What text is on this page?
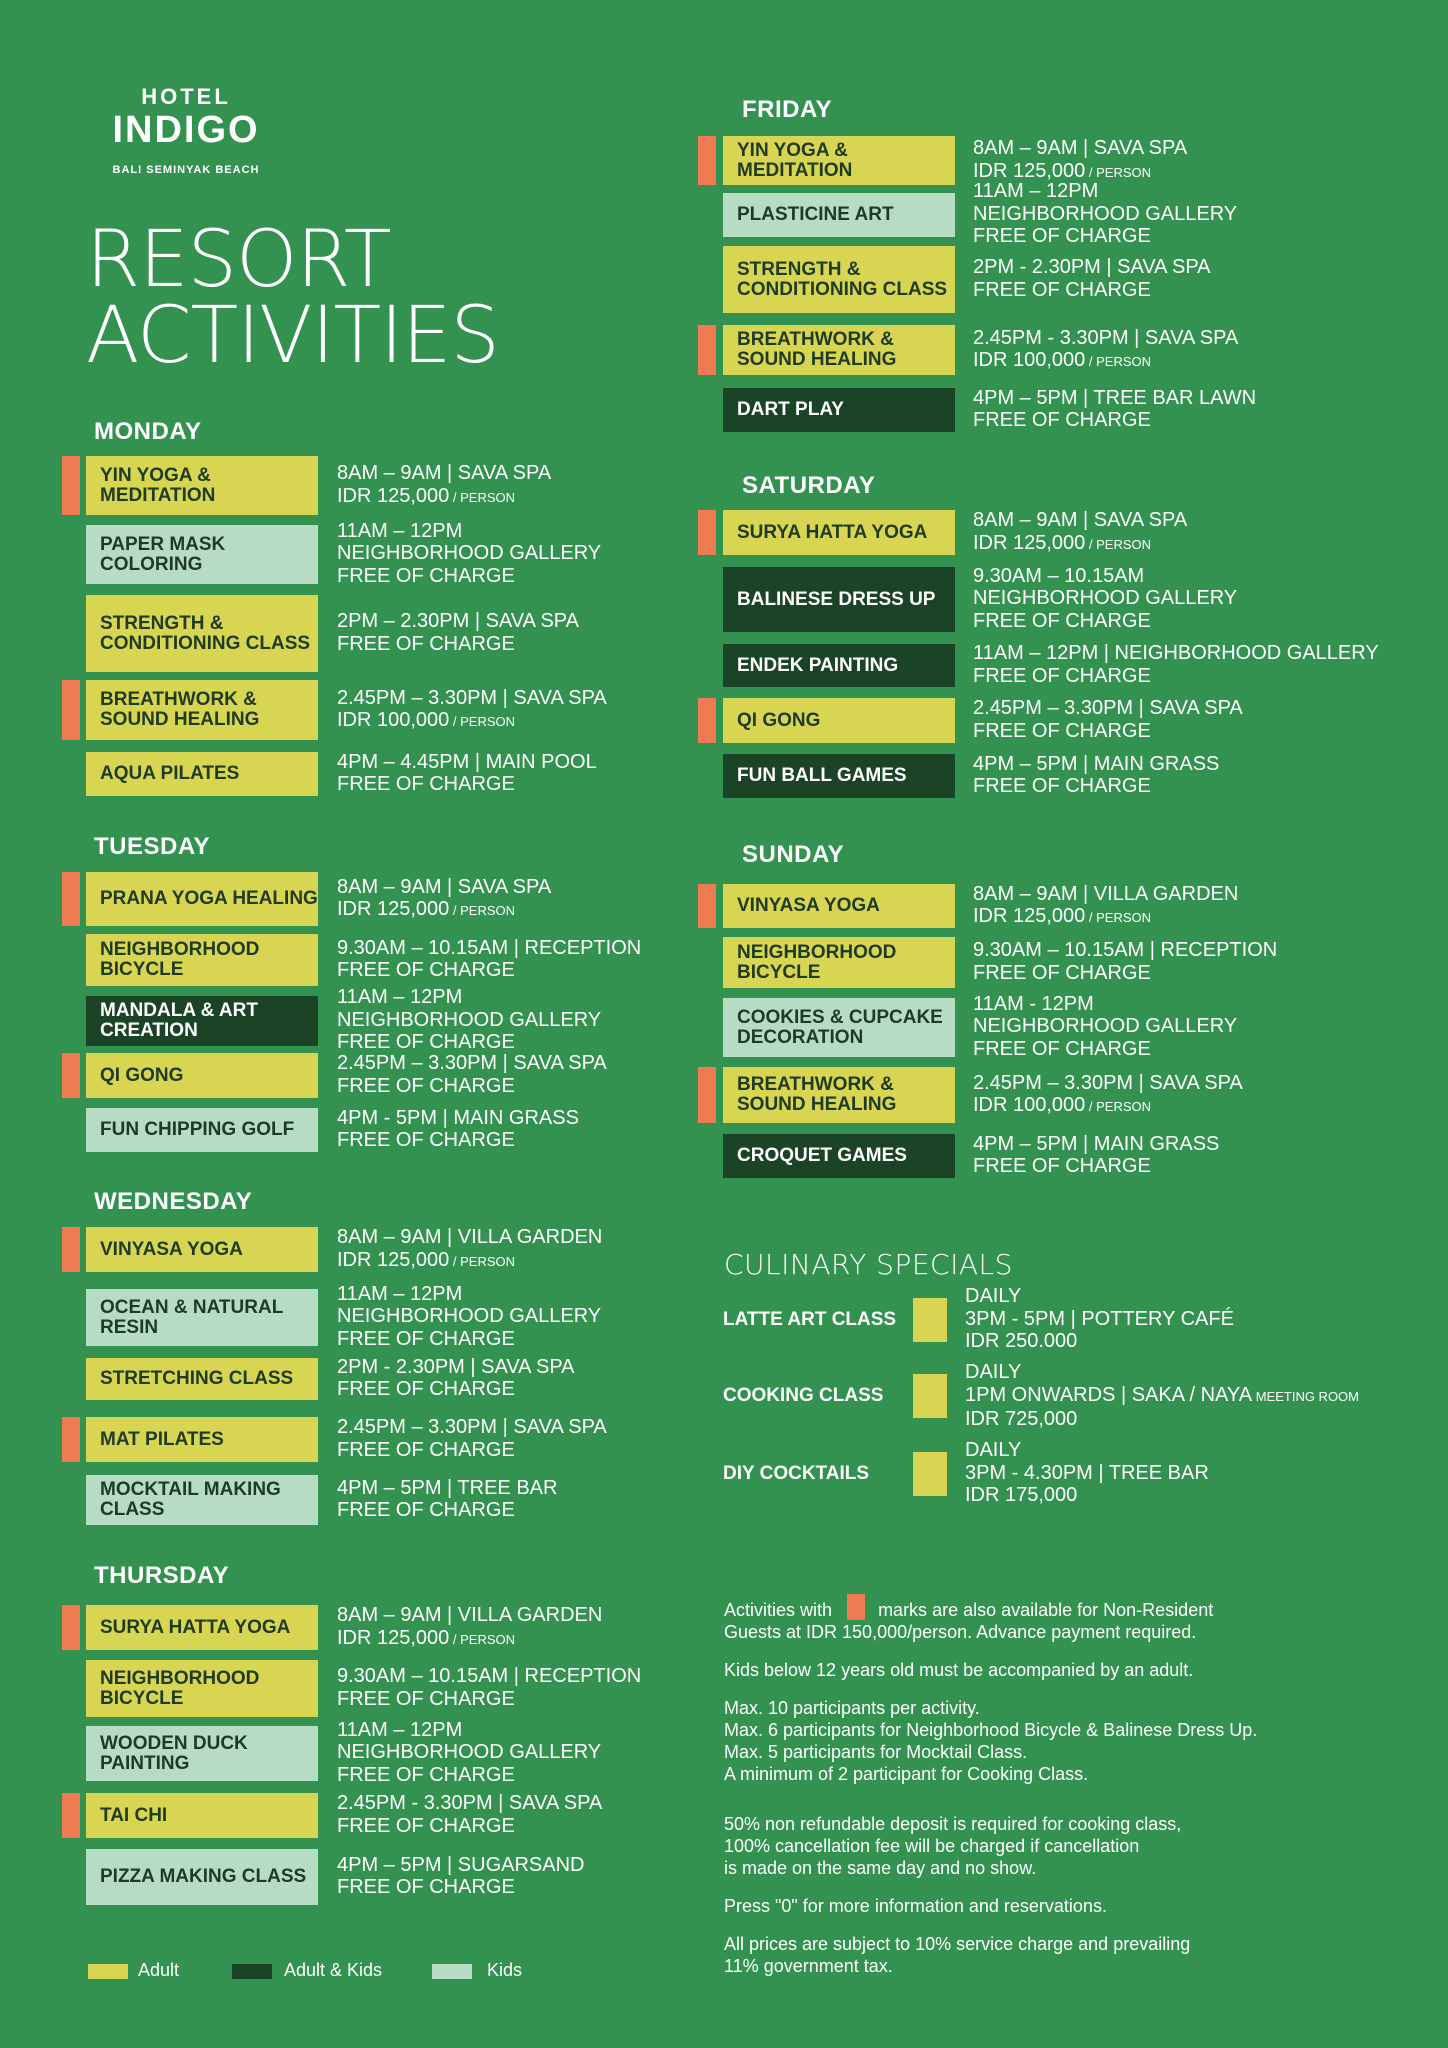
HOTEL
INDIGO
BALI SEMINYAK BEACH
RESORT
ACTIVITIES
MONDAY
YIN YOGA & MEDITATION
8AM – 9AM | SAVA SPA
IDR 125,000 / PERSON
PAPER MASK COLORING
11AM – 12PM
NEIGHBORHOOD GALLERY
FREE OF CHARGE
STRENGTH & CONDITIONING CLASS
2PM – 2.30PM | SAVA SPA
FREE OF CHARGE
BREATHWORK & SOUND HEALING
2.45PM – 3.30PM | SAVA SPA
IDR 100,000 / PERSON
AQUA PILATES
4PM – 4.45PM | MAIN POOL
FREE OF CHARGE
TUESDAY
PRANA YOGA HEALING
8AM – 9AM | SAVA SPA
IDR 125,000 / PERSON
NEIGHBORHOOD BICYCLE
9.30AM – 10.15AM | RECEPTION
FREE OF CHARGE
MANDALA & ART CREATION
11AM – 12PM
NEIGHBORHOOD GALLERY
FREE OF CHARGE
QI GONG
2.45PM – 3.30PM | SAVA SPA
FREE OF CHARGE
FUN CHIPPING GOLF
4PM - 5PM | MAIN GRASS
FREE OF CHARGE
WEDNESDAY
VINYASA YOGA
8AM – 9AM | VILLA GARDEN
IDR 125,000 / PERSON
OCEAN & NATURAL RESIN
11AM – 12PM
NEIGHBORHOOD GALLERY
FREE OF CHARGE
STRETCHING CLASS
2PM - 2.30PM | SAVA SPA
FREE OF CHARGE
MAT PILATES
2.45PM – 3.30PM | SAVA SPA
FREE OF CHARGE
MOCKTAIL MAKING CLASS
4PM – 5PM | TREE BAR
FREE OF CHARGE
THURSDAY
SURYA HATTA YOGA
8AM – 9AM | VILLA GARDEN
IDR 125,000 / PERSON
NEIGHBORHOOD BICYCLE
9.30AM – 10.15AM | RECEPTION
FREE OF CHARGE
WOODEN DUCK PAINTING
11AM – 12PM
NEIGHBORHOOD GALLERY
FREE OF CHARGE
TAI CHI
2.45PM - 3.30PM | SAVA SPA
FREE OF CHARGE
PIZZA MAKING CLASS
4PM – 5PM | SUGARSAND
FREE OF CHARGE
FRIDAY
YIN YOGA & MEDITATION
8AM – 9AM | SAVA SPA
IDR 125,000 / PERSON
PLASTICINE ART
11AM – 12PM
NEIGHBORHOOD GALLERY
FREE OF CHARGE
STRENGTH & CONDITIONING CLASS
2PM - 2.30PM | SAVA SPA
FREE OF CHARGE
BREATHWORK & SOUND HEALING
2.45PM - 3.30PM | SAVA SPA
IDR 100,000 / PERSON
DART PLAY
4PM – 5PM | TREE BAR LAWN
FREE OF CHARGE
SATURDAY
SURYA HATTA YOGA
8AM – 9AM | SAVA SPA
IDR 125,000 / PERSON
BALINESE DRESS UP
9.30AM – 10.15AM
NEIGHBORHOOD GALLERY
FREE OF CHARGE
ENDEK PAINTING
11AM – 12PM | NEIGHBORHOOD GALLERY
FREE OF CHARGE
QI GONG
2.45PM – 3.30PM | SAVA SPA
FREE OF CHARGE
FUN BALL GAMES
4PM – 5PM | MAIN GRASS
FREE OF CHARGE
SUNDAY
VINYASA YOGA
8AM – 9AM | VILLA GARDEN
IDR 125,000 / PERSON
NEIGHBORHOOD BICYCLE
9.30AM – 10.15AM | RECEPTION
FREE OF CHARGE
COOKIES & CUPCAKE DECORATION
11AM - 12PM
NEIGHBORHOOD GALLERY
FREE OF CHARGE
BREATHWORK & SOUND HEALING
2.45PM – 3.30PM | SAVA SPA
IDR 100,000 / PERSON
CROQUET GAMES
4PM – 5PM | MAIN GRASS
FREE OF CHARGE
CULINARY SPECIALS
LATTE ART CLASS
DAILY
3PM - 5PM | POTTERY CAFÉ
IDR 250.000
COOKING CLASS
DAILY
1PM ONWARDS | SAKA / NAYA MEETING ROOM
IDR 725,000
DIY COCKTAILS
DAILY
3PM - 4.30PM | TREE BAR
IDR 175,000

Activities with	marks are also available for Non-Resident
Guests at IDR 150,000/person. Advance payment required.

Kids below 12 years old must be accompanied by an adult.

Max. 10 participants per activity.
Max. 6 participants for Neighborhood Bicycle & Balinese Dress Up.
Max. 5 participants for Mocktail Class.
A minimum of 2 participant for Cooking Class.

50% non refundable deposit is required for cooking class,
100% cancellation fee will be charged if cancellation
is made on the same day and no show.

Press "0" for more information and reservations.

All prices are subject to 10% service charge and prevailing
11% government tax.

Adult	Adult & Kids	Kids
